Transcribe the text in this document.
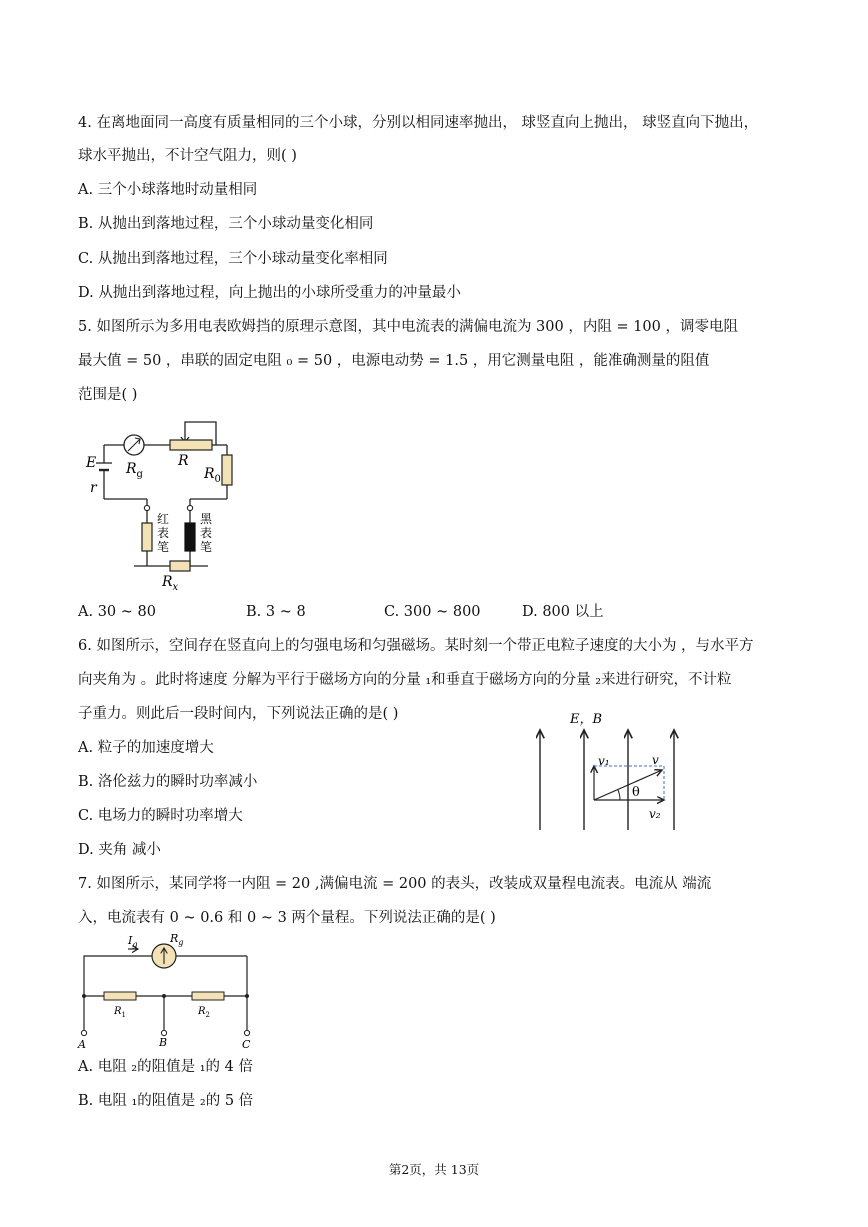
4. 在离地面同一高度有质量相同的三个小球，分别以相同速率抛出， 球竖直向上抛出， 球竖直向下抛出，
球水平抛出，不计空气阻力，则( )
A. 三个小球落地时动量相同
B. 从抛出到落地过程，三个小球动量变化相同
C. 从抛出到落地过程，三个小球动量变化率相同
D. 从抛出到落地过程，向上抛出的小球所受重力的冲量最小
5. 如图所示为多用电表欧姆挡的原理示意图，其中电流表的满偏电流为 300 ，内阻 = 100 ，调零电阻
最大值 = 50 ，串联的固定电阻 ₀ = 50 ，电源电动势 = 1.5 ，用它测量电阻 ，能准确测量的阻值
范围是( )
E
r
$R_g$
R
$R_0$
红表笔
黑表笔
$R_x$
A. 30 ~ 80	B. 3 ~ 8	C. 300 ~ 800	D. 800 以上
6. 如图所示，空间存在竖直向上的匀强电场和匀强磁场。某时刻一个带正电粒子速度的大小为 ，与水平方
向夹角为 。此时将速度 分解为平行于磁场方向的分量 ₁和垂直于磁场方向的分量 ₂来进行研究，不计粒
子重力。则此后一段时间内，下列说法正确的是( )
A. 粒子的加速度增大
B. 洛伦兹力的瞬时功率减小
C. 电场力的瞬时功率增大
D. 夹角 减小
E，B
v₁	v
θ
v₂
7. 如图所示，某同学将一内阻 = 20 ,满偏电流 = 200 的表头，改装成双量程电流表。电流从 端流
入，电流表有 0 ~ 0.6 和 0 ~ 3 两个量程。下列说法正确的是( )
$I_g$	$R_g$
$R_1$	$R_2$
A	B	C
A. 电阻 ₂的阻值是 ₁的 4 倍
B. 电阻 ₁的阻值是 ₂的 5 倍
第2页，共 13页
